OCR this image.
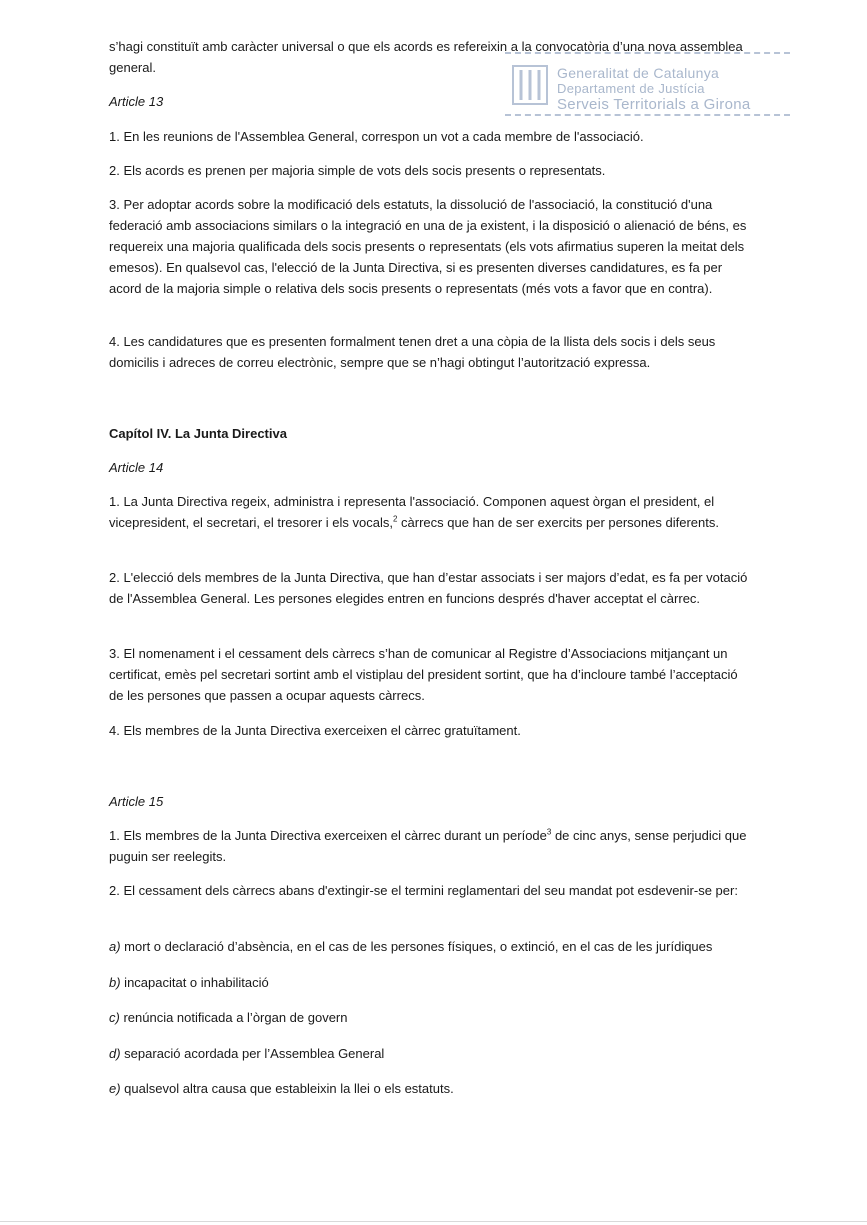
Generalitat de Catalunya
Departament de Justícia
Serveis Territorials a Girona

s’hagi constituït amb caràcter universal o que els acords es refereixin a la convocatòria d’una nova assemblea general.

Article 13

1. En les reunions de l'Assemblea General, correspon un vot a cada membre de l'associació.

2. Els acords es prenen per majoria simple de vots dels socis presents o representats.

3. Per adoptar acords sobre la modificació dels estatuts, la dissolució de l'associació, la constitució d'una federació amb associacions similars o la integració en una de ja existent, i la disposició o alienació de béns, es requereix una majoria qualificada dels socis presents o representats (els vots afirmatius superen la meitat dels emesos). En qualsevol cas, l'elecció de la Junta Directiva, si es presenten diverses candidatures, es fa per acord de la majoria simple o relativa dels socis presents o representats (més vots a favor que en contra).

4. Les candidatures que es presenten formalment tenen dret a una còpia de la llista dels socis i dels seus domicilis i adreces de correu electrònic, sempre que se n’hagi obtingut l’autorització expressa.

Capítol IV. La Junta Directiva

Article 14

1. La Junta Directiva regeix, administra i representa l'associació. Componen aquest òrgan el president, el vicepresident, el secretari, el tresorer i els vocals,$^2$ càrrecs que han de ser exercits per persones diferents.

2. L'elecció dels membres de la Junta Directiva, que han d’estar associats i ser majors d’edat, es fa per votació de l'Assemblea General. Les persones elegides entren en funcions després d'haver acceptat el càrrec.

3. El nomenament i el cessament dels càrrecs s’han de comunicar al Registre d’Associacions mitjançant un certificat, emès pel secretari sortint amb el vistiplau del president sortint, que ha d’incloure també l’acceptació de les persones que passen a ocupar aquests càrrecs.

4. Els membres de la Junta Directiva exerceixen el càrrec gratuïtament.

Article 15

1. Els membres de la Junta Directiva exerceixen el càrrec durant un període$^3$ de cinc anys, sense perjudici que puguin ser reelegits.

2. El cessament dels càrrecs abans d'extingir-se el termini reglamentari del seu mandat pot esdevenir-se per:

a) mort o declaració d’absència, en el cas de les persones físiques, o extinció, en el cas de les jurídiques

b) incapacitat o inhabilitació

c) renúncia notificada a l’òrgan de govern

d) separació acordada per l’Assemblea General

e) qualsevol altra causa que estableixin la llei o els estatuts.
